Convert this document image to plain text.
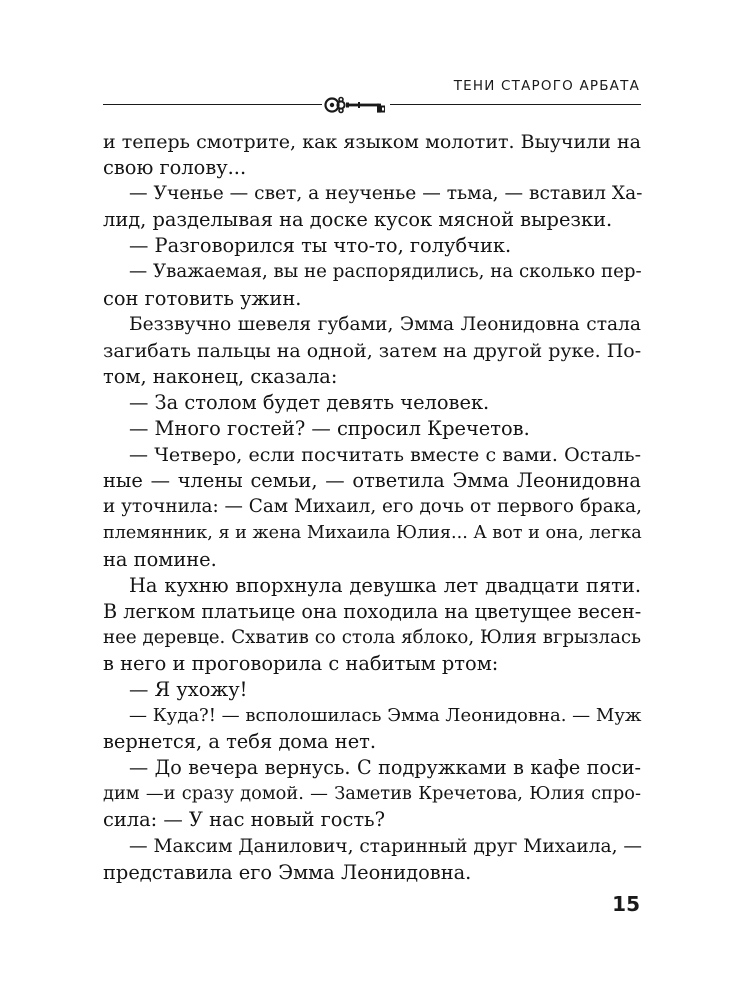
ТЕНИ СТАРОГО АРБАТА
и теперь смотрите, как языком молотит. Выучили на
свою голову...
— Ученье — свет, а неученье — тьма, — вставил Ха-
лид, разделывая на доске кусок мясной вырезки.
— Разговорился ты что-то, голубчик.
— Уважаемая, вы не распорядились, на сколько пер-
сон готовить ужин.
Беззвучно шевеля губами, Эмма Леонидовна стала
загибать пальцы на одной, затем на другой руке. По-
том, наконец, сказала:
— За столом будет девять человек.
— Много гостей? — спросил Кречетов.
— Четверо, если посчитать вместе с вами. Осталь-
ные — члены семьи, — ответила Эмма Леонидовна
и уточнила: — Сам Михаил, его дочь от первого брака,
племянник, я и жена Михаила Юлия... А вот и она, легка
на помине.
На кухню впорхнула девушка лет двадцати пяти.
В легком платьице она походила на цветущее весен-
нее деревце. Схватив со стола яблоко, Юлия вгрызлась
в него и проговорила с набитым ртом:
— Я ухожу!
— Куда?! — всполошилась Эмма Леонидовна. — Муж
вернется, а тебя дома нет.
— До вечера вернусь. С подружками в кафе поси-
дим —и сразу домой. — Заметив Кречетова, Юлия спро-
сила: — У нас новый гость?
— Максим Данилович, старинный друг Михаила, —
представила его Эмма Леонидовна.
15
